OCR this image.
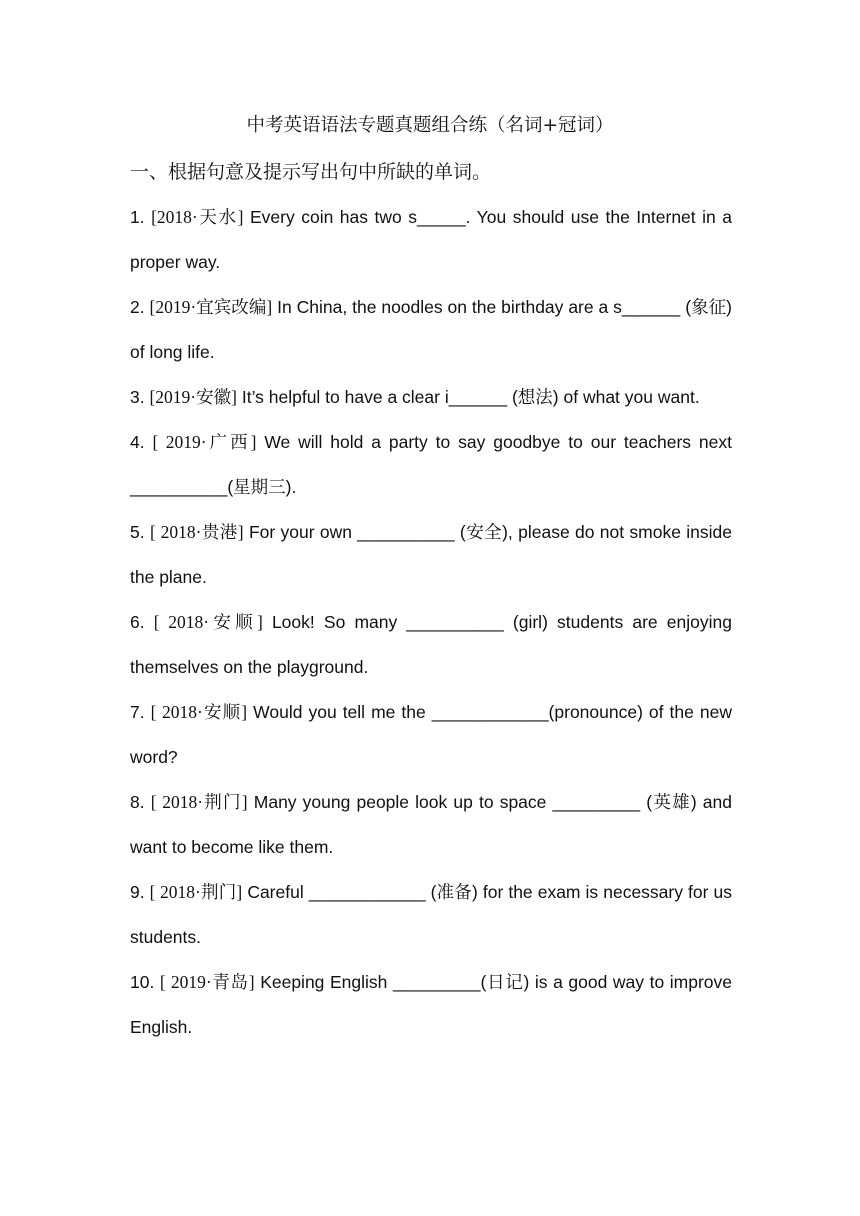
中考英语语法专题真题组合练（名词+冠词）
一、根据句意及提示写出句中所缺的单词。
1. [2018·天水] Every coin has two s_____. You should use the Internet in a proper way.
2. [2019·宜宾改编] In China, the noodles on the birthday are a s______ (象征) of long life.
3. [2019·安徽] It’s helpful to have a clear i______ (想法) of what you want.
4. [ 2019·广西] We will hold a party to say goodbye to our teachers next __________(星期三).
5. [ 2018·贵港] For your own __________ (安全), please do not smoke inside the plane.
6. [ 2018·安顺] Look! So many __________ (girl) students are enjoying themselves on the playground.
7. [ 2018·安顺] Would you tell me the ____________(pronounce) of the new word?
8. [ 2018·荆门] Many young people look up to space _________ (英雄) and want to become like them.
9. [ 2018·荆门] Careful ____________ (准备) for the exam is necessary for us students.
10. [ 2019·青岛] Keeping English _________(日记) is a good way to improve English.
